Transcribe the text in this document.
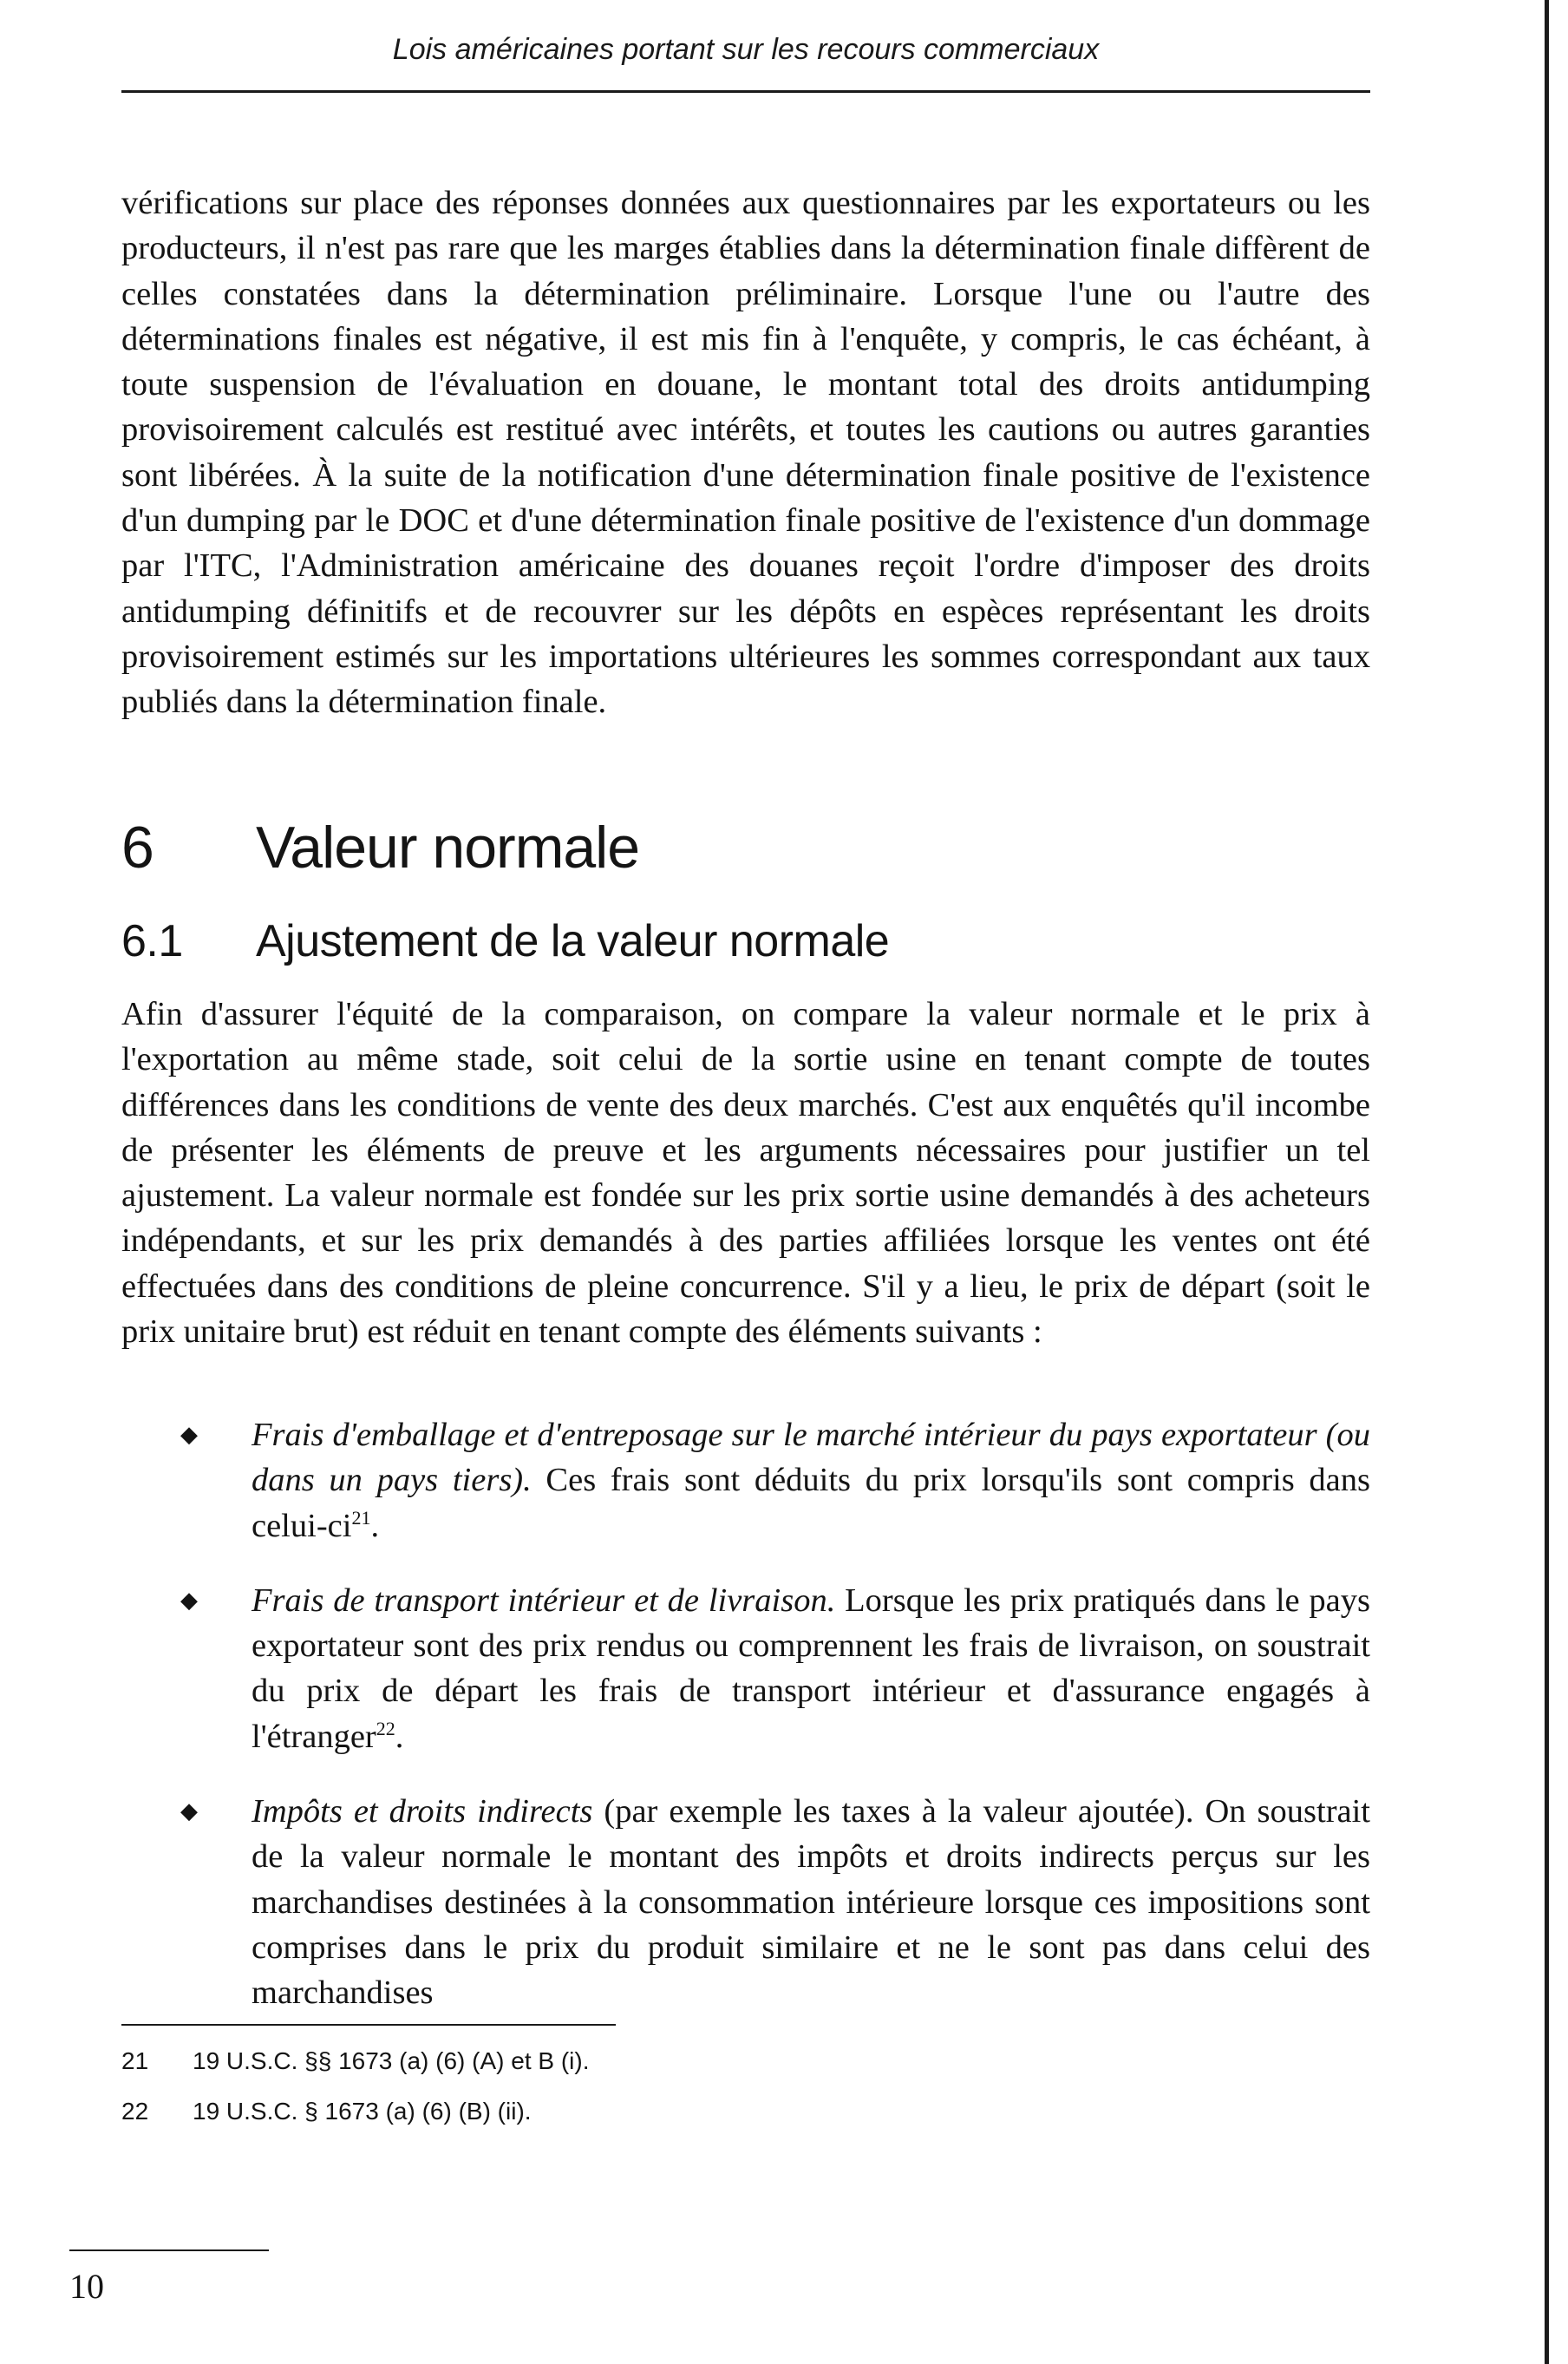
Lois américaines portant sur les recours commerciaux

vérifications sur place des réponses données aux questionnaires par les exportateurs ou les producteurs, il n'est pas rare que les marges établies dans la détermination finale diffèrent de celles constatées dans la détermination préliminaire. Lorsque l'une ou l'autre des déterminations finales est négative, il est mis fin à l'enquête, y compris, le cas échéant, à toute suspension de l'évaluation en douane, le montant total des droits antidumping provisoirement calculés est restitué avec intérêts, et toutes les cautions ou autres garanties sont libérées. À la suite de la notification d'une détermination finale positive de l'existence d'un dumping par le DOC et d'une détermination finale positive de l'existence d'un dommage par l'ITC, l'Administration américaine des douanes reçoit l'ordre d'imposer des droits antidumping définitifs et de recouvrer sur les dépôts en espèces représentant les droits provisoirement estimés sur les importations ultérieures les sommes correspondant aux taux publiés dans la détermination finale.

6 Valeur normale
6.1 Ajustement de la valeur normale

Afin d'assurer l'équité de la comparaison, on compare la valeur normale et le prix à l'exportation au même stade, soit celui de la sortie usine en tenant compte de toutes différences dans les conditions de vente des deux marchés. C'est aux enquêtés qu'il incombe de présenter les éléments de preuve et les arguments nécessaires pour justifier un tel ajustement. La valeur normale est fondée sur les prix sortie usine demandés à des acheteurs indépendants, et sur les prix demandés à des parties affiliées lorsque les ventes ont été effectuées dans des conditions de pleine concurrence. S'il y a lieu, le prix de départ (soit le prix unitaire brut) est réduit en tenant compte des éléments suivants :

◆ Frais d'emballage et d'entreposage sur le marché intérieur du pays exportateur (ou dans un pays tiers). Ces frais sont déduits du prix lorsqu'ils sont compris dans celui-$ci^{21}$.
◆ Frais de transport intérieur et de livraison. Lorsque les prix pratiqués dans le pays exportateur sont des prix rendus ou comprennent les frais de livraison, on soustrait du prix de départ les frais de transport intérieur et d'assurance engagés à l'étranger$^{22}$.
◆ Impôts et droits indirects (par exemple les taxes à la valeur ajoutée). On soustrait de la valeur normale le montant des impôts et droits indirects perçus sur les marchandises destinées à la consommation intérieure lorsque ces impositions sont comprises dans le prix du produit similaire et ne le sont pas dans celui des marchandises
21 19 U.S.C. §§ 1673 (a) (6) (A) et B (i).
22 19 U.S.C. § 1673 (a) (6) (B) (ii).
10
